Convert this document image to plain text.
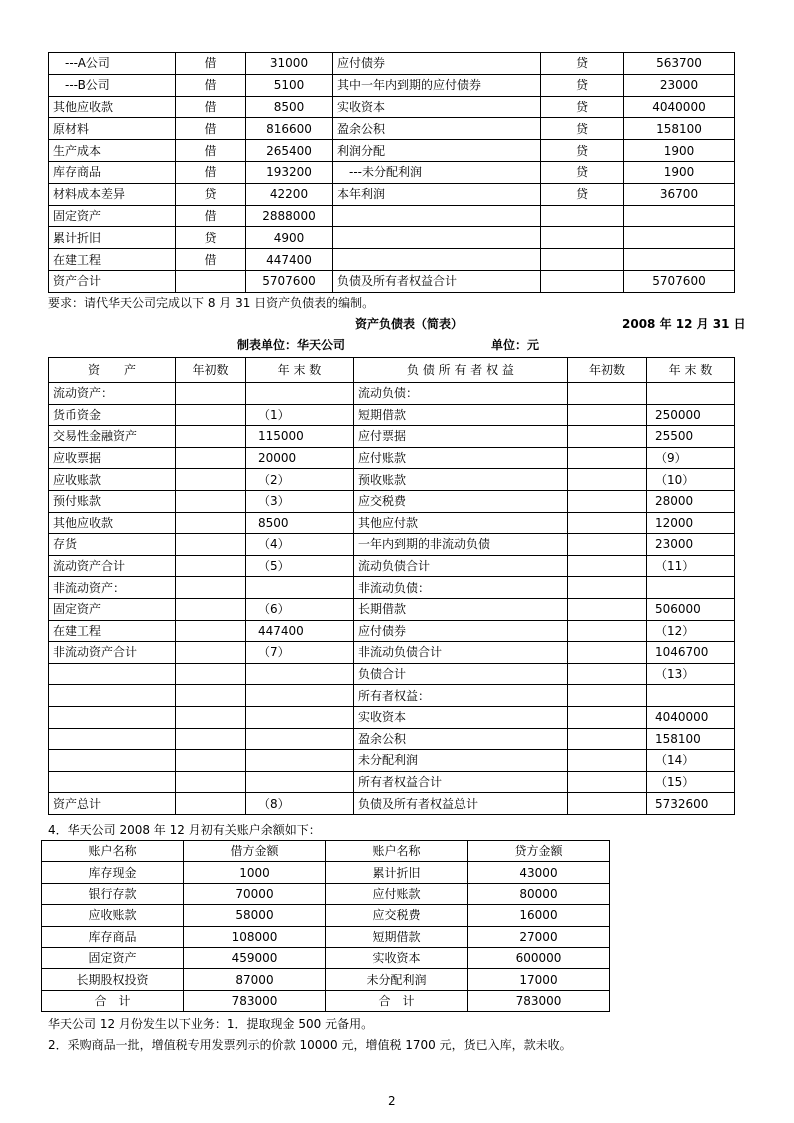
　---A公司	借	31000	应付债券	贷	563700
　---B公司	借	5100	其中一年内到期的应付债券	贷	23000
其他应收款	借	8500	实收资本	贷	4040000
原材料	借	816600	盈余公积	贷	158100
生产成本	借	265400	利润分配	贷	1900
库存商品	借	193200	　---未分配利润	贷	1900
材料成本差异	贷	42200	本年利润	贷	36700
固定资产	借	2888000			
累计折旧	贷	4900			
在建工程	借	447400			
资产合计		5707600	负债及所有者权益合计		5707600
要求：请代华天公司完成以下 8 月 31 日资产负债表的编制。
资产负债表（简表）	2008 年 12 月 31 日
制表单位：华天公司	单位：元
资　　产	年初数	年 末 数	负 债 所 有 者 权 益	年初数	年 末 数
流动资产：			流动负债：		
货币资金		（1）	短期借款		250000
交易性金融资产		115000	应付票据		25500
应收票据		20000	应付账款		（9）
应收账款		（2）	预收账款		（10）
预付账款		（3）	应交税费		28000
其他应收款		8500	其他应付款		12000
存货		（4）	一年内到期的非流动负债		23000
流动资产合计		（5）	流动负债合计		（11）
非流动资产：			非流动负债：		
固定资产		（6）	长期借款		506000
在建工程		447400	应付债券		（12）
非流动资产合计		（7）	非流动负债合计		1046700
			负债合计		（13）
			所有者权益：		
			实收资本		4040000
			盈余公积		158100
			未分配利润		（14）
			所有者权益合计		（15）
资产总计		（8）	负债及所有者权益总计		5732600
4．华天公司 2008 年 12 月初有关账户余额如下：
账户名称	借方金额	账户名称	贷方金额
库存现金	1000	累计折旧	43000
银行存款	70000	应付账款	80000
应收账款	58000	应交税费	16000
库存商品	108000	短期借款	27000
固定资产	459000	实收资本	600000
长期股权投资	87000	未分配利润	17000
合　计	783000	合　计	783000
华天公司 12 月份发生以下业务：1．提取现金 500 元备用。
2．采购商品一批，增值税专用发票列示的价款 10000 元，增值税 1700 元，货已入库，款未收。
2
